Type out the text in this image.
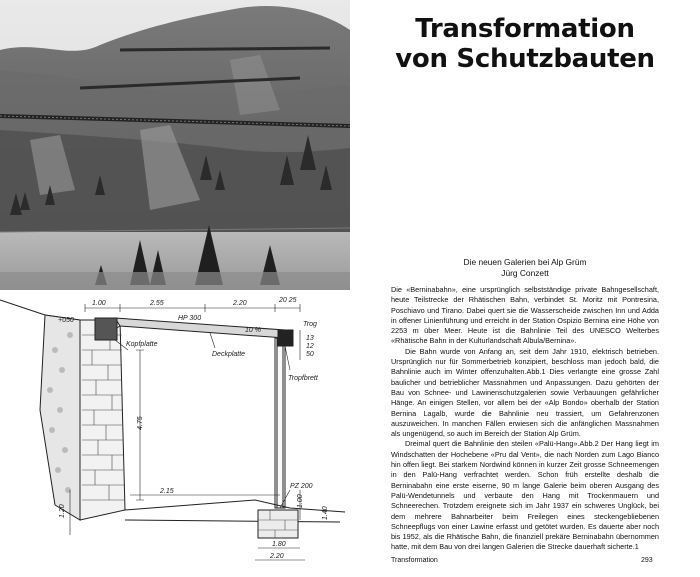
1.00	2.55	2.20	20 25
+050	HP 300
10 %
Trog
13
12
50
Kopfplatte
Deckplatte
Tropfbrett
4.75
2.15
PZ 200
1.20
1.00
1.40
1.80
2.20
Transformation
von Schutzbauten
Die neuen Galerien bei Alp Grüm
Jürg Conzett

Die «Berninabahn», eine ursprünglich selbstständige private Bahngesellschaft, heute Teilstrecke der Rhätischen Bahn, verbindet St. Moritz mit Pontresina, Poschiavo und Tirano. Dabei quert sie die Wasserscheide zwischen Inn und Adda in offener Linienführung und erreicht in der Station Ospizio Bernina eine Höhe von 2253 m über Meer. Heute ist die Bahnlinie Teil des UNESCO Welterbes «Rhätische Bahn in der Kulturlandschaft Albula/Bernina».

Die Bahn wurde von Anfang an, seit dem Jahr 1910, elektrisch betrieben. Ursprünglich nur für Sommerbetrieb konzipiert, beschloss man jedoch bald, die Bahnlinie auch im Winter offenzuhalten.Abb.1 Dies verlangte eine grosse Zahl baulicher und betrieblicher Massnahmen und Anpassungen. Dazu gehörten der Bau von Schnee- und Lawinenschutzgalerien sowie Verbauungen gefährlicher Hänge. An einigen Stellen, vor allem bei der «Alp Bondo» oberhalb der Station Bernina Lagalb, wurde die Bahnlinie neu trassiert, um Gefahrenzonen auszuweichen. In manchen Fällen erwiesen sich die anfänglichen Massnahmen als ungenügend, so auch im Bereich der Station Alp Grüm.

Dreimal quert die Bahnlinie den steilen «Palü-Hang».Abb.2 Der Hang liegt im Windschatten der Hochebene «Pru dal Vent», die nach Norden zum Lago Bianco hin offen liegt. Bei starkem Nordwind können in kurzer Zeit grosse Schneemengen in den Palü-Hang verfrachtet werden. Schon früh erstellte deshalb die Berninabahn eine erste eiserne, 90 m lange Galerie beim oberen Ausgang des Palü-Wendetunnels und verbaute den Hang mit Trockenmauern und Schneerechen. Trotzdem ereignete sich im Jahr 1937 ein schweres Unglück, bei dem mehrere Bahnarbeiter beim Freilegen eines steckengebliebenen Schneepflugs von einer Lawine erfasst und getötet wurden. Es dauerte aber noch bis 1952, als die Rhätische Bahn, die finanziell prekäre Berninabahn übernommen hatte, mit dem Bau von drei langen Galerien die Strecke dauerhaft sicherte.1

Transformation	293
